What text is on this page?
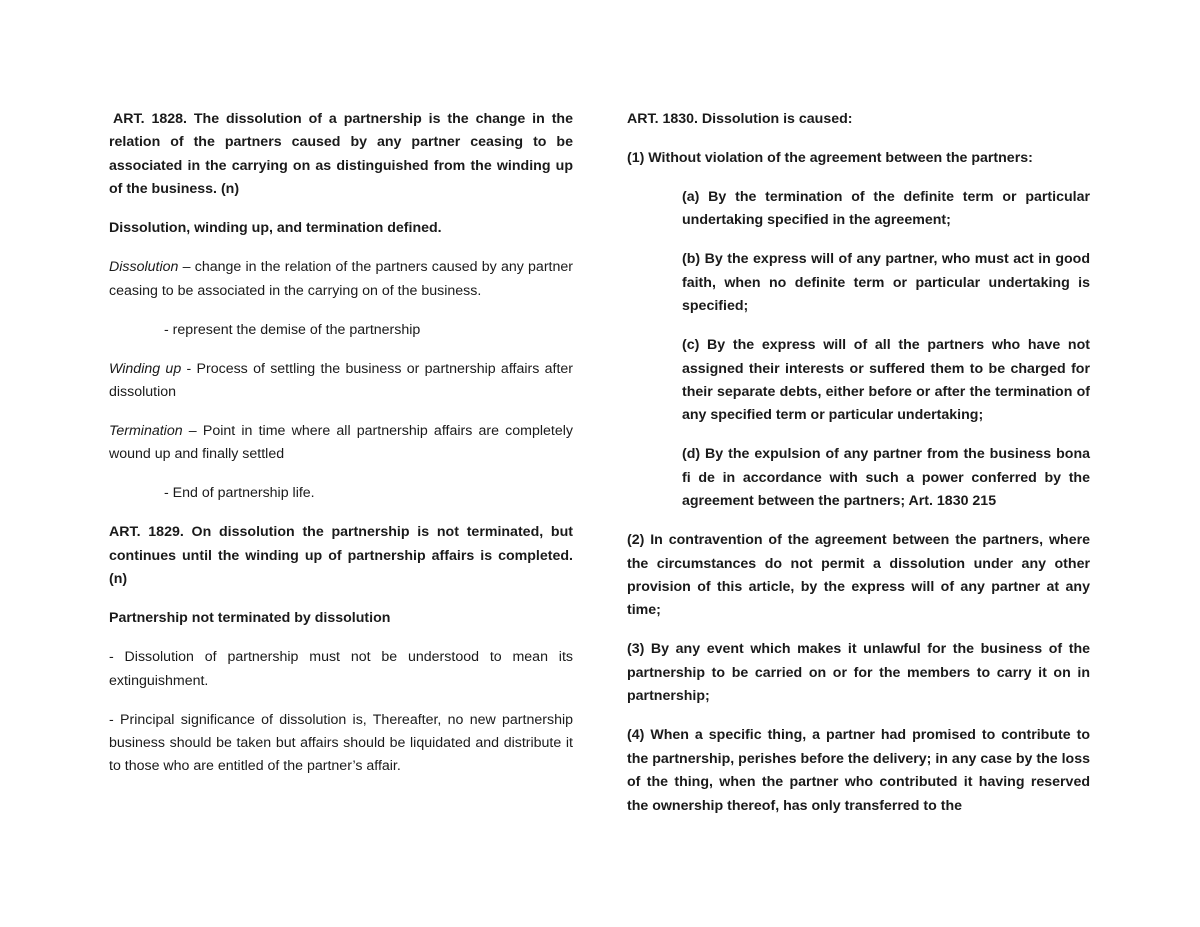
ART. 1828. The dissolution of a partnership is the change in the relation of the partners caused by any partner ceasing to be associated in the carrying on as distinguished from the winding up of the business. (n)

Dissolution, winding up, and termination defined.

Dissolution – change in the relation of the partners caused by any partner ceasing to be associated in the carrying on of the business.

- represent the demise of the partnership

Winding up - Process of settling the business or partnership affairs after dissolution

Termination – Point in time where all partnership affairs are completely wound up and finally settled

- End of partnership life.

ART. 1829. On dissolution the partnership is not terminated, but continues until the winding up of partnership affairs is completed. (n)

Partnership not terminated by dissolution

- Dissolution of partnership must not be understood to mean its extinguishment.

- Principal significance of dissolution is, Thereafter, no new partnership business should be taken but affairs should be liquidated and distribute it to those who are entitled of the partner’s affair.

ART. 1830. Dissolution is caused:

(1) Without violation of the agreement between the partners:

(a) By the termination of the definite term or particular undertaking specified in the agreement;

(b) By the express will of any partner, who must act in good faith, when no definite term or particular undertaking is specified;

(c) By the express will of all the partners who have not assigned their interests or suffered them to be charged for their separate debts, either before or after the termination of any specified term or particular undertaking;

(d) By the expulsion of any partner from the business bona fi de in accordance with such a power conferred by the agreement between the partners; Art. 1830 215

(2) In contravention of the agreement between the partners, where the circumstances do not permit a dissolution under any other provision of this article, by the express will of any partner at any time;

(3) By any event which makes it unlawful for the business of the partnership to be carried on or for the members to carry it on in partnership;

(4) When a specific thing, a partner had promised to contribute to the partnership, perishes before the delivery; in any case by the loss of the thing, when the partner who contributed it having reserved the ownership thereof, has only transferred to the
